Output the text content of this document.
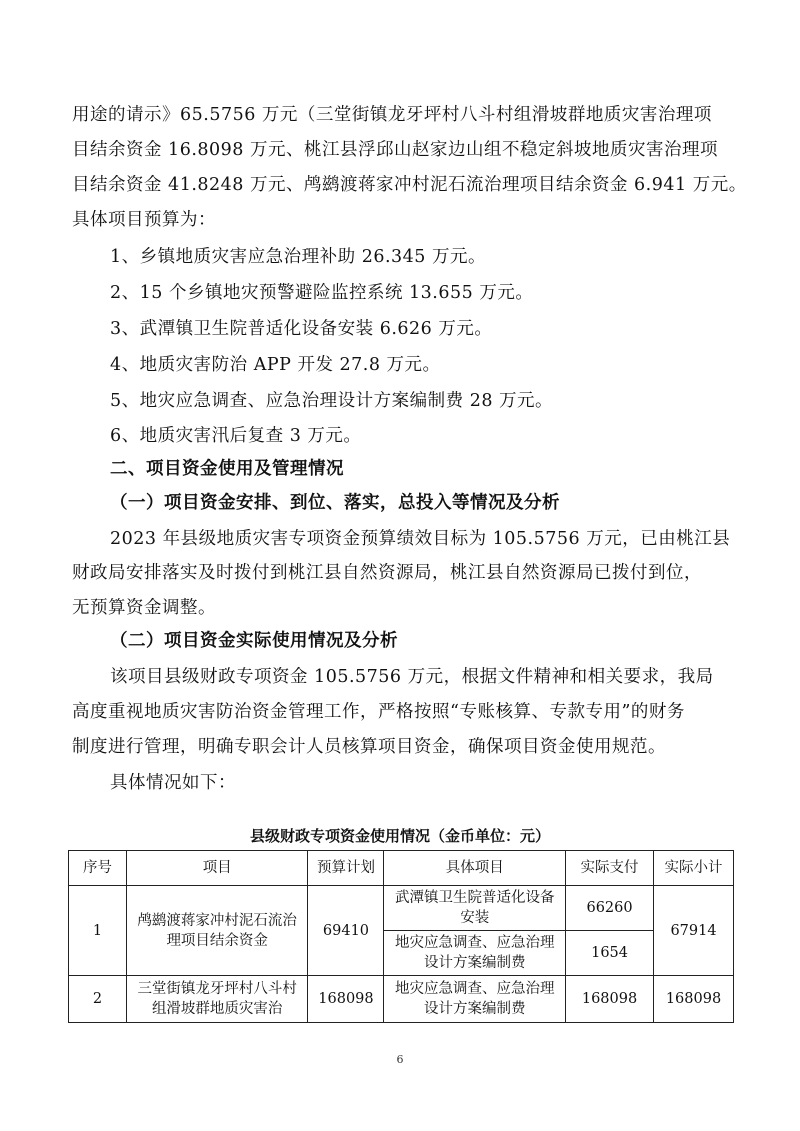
用途的请示》65.5756 万元（三堂街镇龙牙坪村八斗村组滑坡群地质灾害治理项
目结余资金 16.8098 万元、桃江县浮邱山赵家边山组不稳定斜坡地质灾害治理项
目结余资金 41.8248 万元、鸬鹚渡蒋家冲村泥石流治理项目结余资金 6.941 万元。
具体项目预算为：
1、乡镇地质灾害应急治理补助 26.345 万元。
2、15 个乡镇地灾预警避险监控系统 13.655 万元。
3、武潭镇卫生院普适化设备安装 6.626 万元。
4、地质灾害防治 APP 开发 27.8 万元。
5、地灾应急调查、应急治理设计方案编制费 28 万元。
6、地质灾害汛后复查 3 万元。
二、项目资金使用及管理情况
（一）项目资金安排、到位、落实，总投入等情况及分析
2023 年县级地质灾害专项资金预算绩效目标为 105.5756 万元，已由桃江县
财政局安排落实及时拨付到桃江县自然资源局，桃江县自然资源局已拨付到位，
无预算资金调整。
（二）项目资金实际使用情况及分析
该项目县级财政专项资金 105.5756 万元，根据文件精神和相关要求，我局
高度重视地质灾害防治资金管理工作，严格按照“专账核算、专款专用”的财务
制度进行管理，明确专职会计人员核算项目资金，确保项目资金使用规范。
具体情况如下：
县级财政专项资金使用情况（金币单位：元）
序号	项目	预算计划	具体项目	实际支付	实际小计
1	鸬鹚渡蒋家冲村泥石流治理项目结余资金	69410	武潭镇卫生院普适化设备安装	66260	67914
			地灾应急调查、应急治理设计方案编制费	1654	
2	三堂街镇龙牙坪村八斗村组滑坡群地质灾害治	168098	地灾应急调查、应急治理设计方案编制费	168098	168098
6
